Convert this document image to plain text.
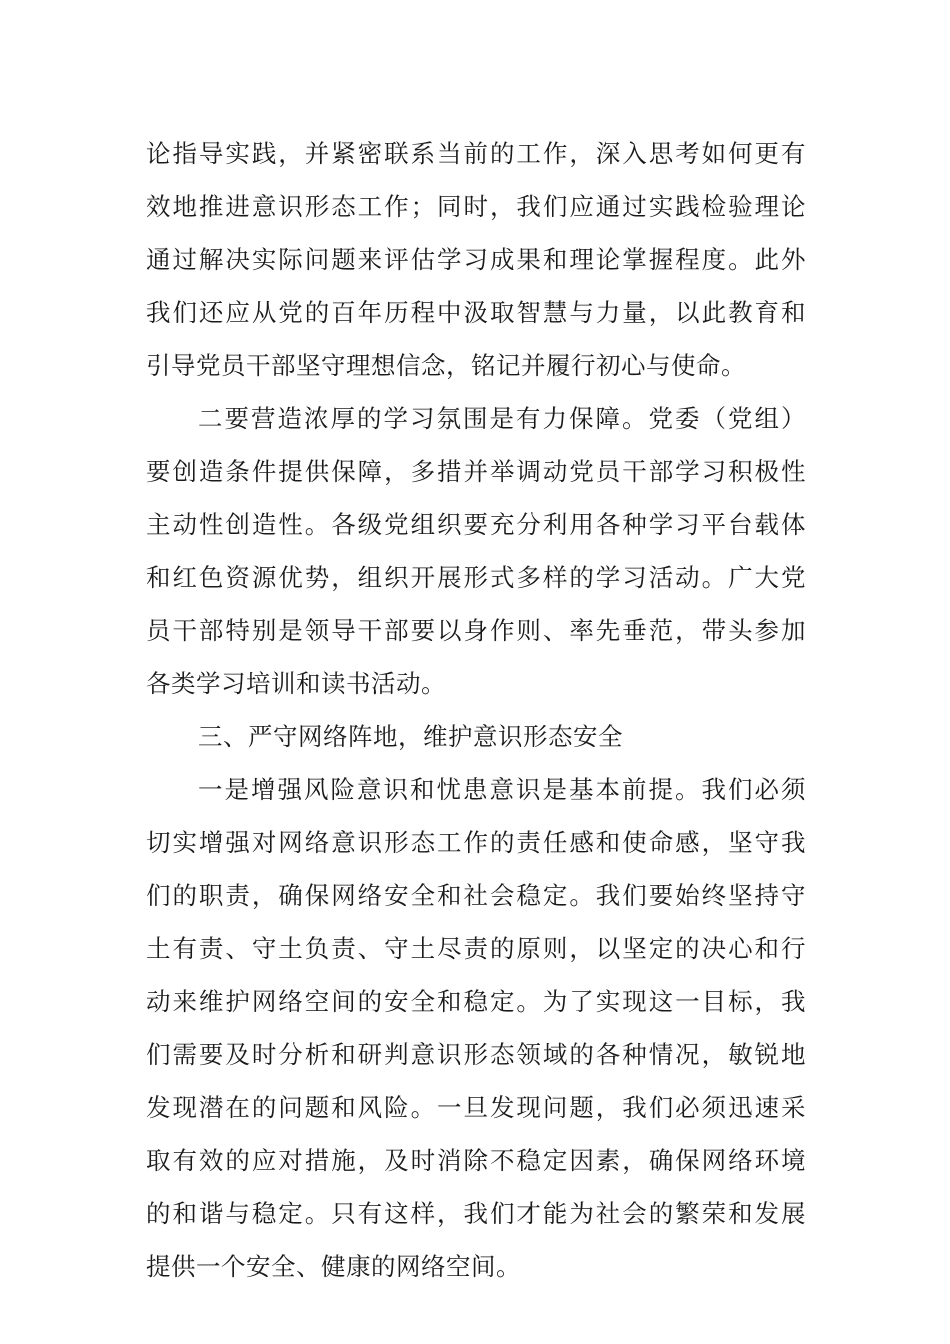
论指导实践，并紧密联系当前的工作，深入思考如何更有
效地推进意识形态工作；同时，我们应通过实践检验理论
通过解决实际问题来评估学习成果和理论掌握程度。此外
我们还应从党的百年历程中汲取智慧与力量，以此教育和
引导党员干部坚守理想信念，铭记并履行初心与使命。
二要营造浓厚的学习氛围是有力保障。党委（党组）
要创造条件提供保障，多措并举调动党员干部学习积极性
主动性创造性。各级党组织要充分利用各种学习平台载体
和红色资源优势，组织开展形式多样的学习活动。广大党
员干部特别是领导干部要以身作则、率先垂范，带头参加
各类学习培训和读书活动。
三、严守网络阵地，维护意识形态安全
一是增强风险意识和忧患意识是基本前提。我们必须
切实增强对网络意识形态工作的责任感和使命感，坚守我
们的职责，确保网络安全和社会稳定。我们要始终坚持守
土有责、守土负责、守土尽责的原则，以坚定的决心和行
动来维护网络空间的安全和稳定。为了实现这一目标，我
们需要及时分析和研判意识形态领域的各种情况，敏锐地
发现潜在的问题和风险。一旦发现问题，我们必须迅速采
取有效的应对措施，及时消除不稳定因素，确保网络环境
的和谐与稳定。只有这样，我们才能为社会的繁荣和发展
提供一个安全、健康的网络空间。
